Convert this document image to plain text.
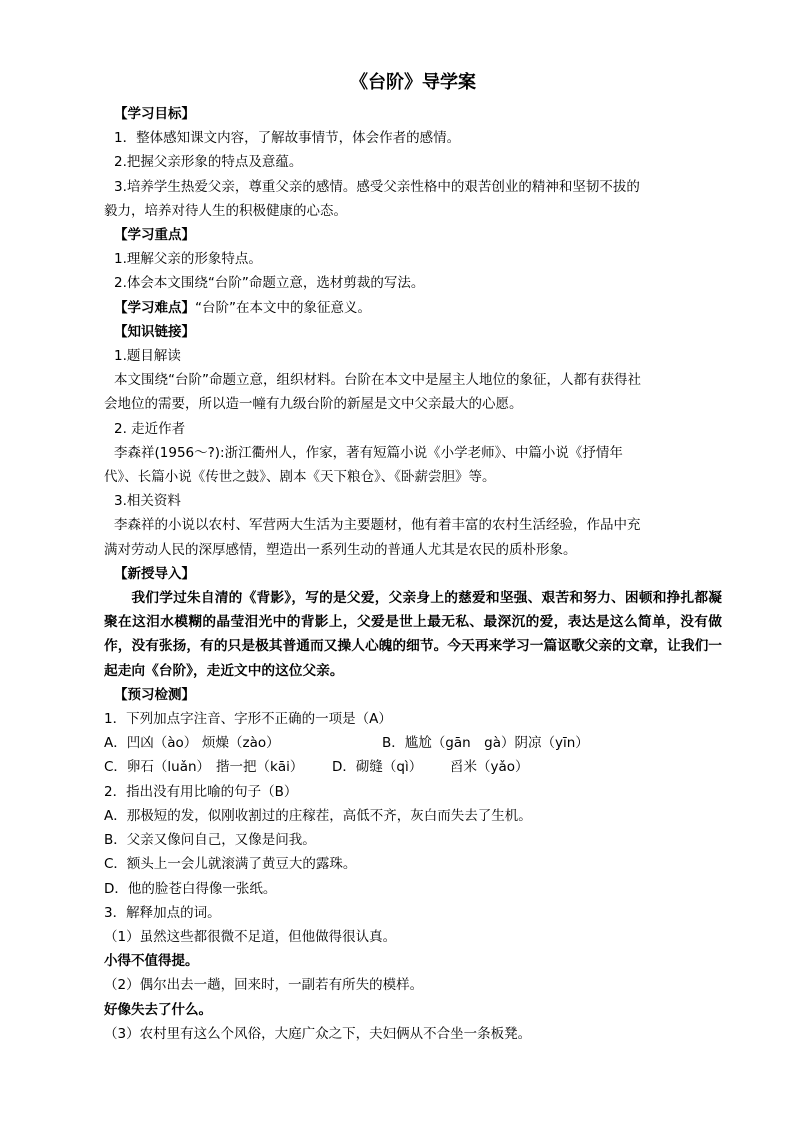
《台阶》导学案
【学习目标】
1．整体感知课文内容，了解故事情节，体会作者的感情。
2.把握父亲形象的特点及意蕴。
3.培养学生热爱父亲，尊重父亲的感情。感受父亲性格中的艰苦创业的精神和坚韧不拔的
毅力，培养对待人生的积极健康的心态。
【学习重点】
1.理解父亲的形象特点。
2.体会本文围绕“台阶”命题立意，选材剪裁的写法。
【学习难点】“台阶”在本文中的象征意义。
【知识链接】
1.题目解读
本文围绕“台阶”命题立意，组织材料。台阶在本文中是屋主人地位的象征，人都有获得社
会地位的需要，所以造一幢有九级台阶的新屋是文中父亲最大的心愿。
2. 走近作者
李森祥(1956～?):浙江衢州人，作家，著有短篇小说《小学老师》、中篇小说《抒情年
代》、长篇小说《传世之鼓》、剧本《天下粮仓》、《卧薪尝胆》等。
3.相关资料
李森祥的小说以农村、军营两大生活为主要题材，他有着丰富的农村生活经验，作品中充
满对劳动人民的深厚感情，塑造出一系列生动的普通人尤其是农民的质朴形象。
【新授导入】
我们学过朱自清的《背影》，写的是父爱，父亲身上的慈爱和坚强、艰苦和努力、困顿和挣扎都凝聚在这泪水模糊的晶莹泪光中的背影上，父爱是世上最无私、最深沉的爱，表达是这么简单，没有做作，没有张扬，有的只是极其普通而又操人心魄的细节。今天再来学习一篇讴歌父亲的文章，让我们一起走向《台阶》，走近文中的这位父亲。
【预习检测】
1．下列加点字注音、字形不正确的一项是（A）
A．凹凶（ào） 烦燥（zào）	B．尴尬（gān　gà）阴凉（yīn）
C．卵石（luǎn） 揩一把（kāi） D．砌缝（qì） 舀米（yǎo）
2．指出没有用比喻的句子（B）
A．那极短的发，似刚收割过的庄稼茬，高低不齐，灰白而失去了生机。
B．父亲又像问自己，又像是问我。
C．额头上一会儿就滚满了黄豆大的露珠。
D．他的脸苍白得像一张纸。
3．解释加点的词。
（1）虽然这些都很微不足道，但他做得很认真。
小得不值得提。
（2）偶尔出去一趟，回来时，一副若有所失的模样。
好像失去了什么。
（3）农村里有这么个风俗，大庭广众之下，夫妇俩从不合坐一条板凳。
